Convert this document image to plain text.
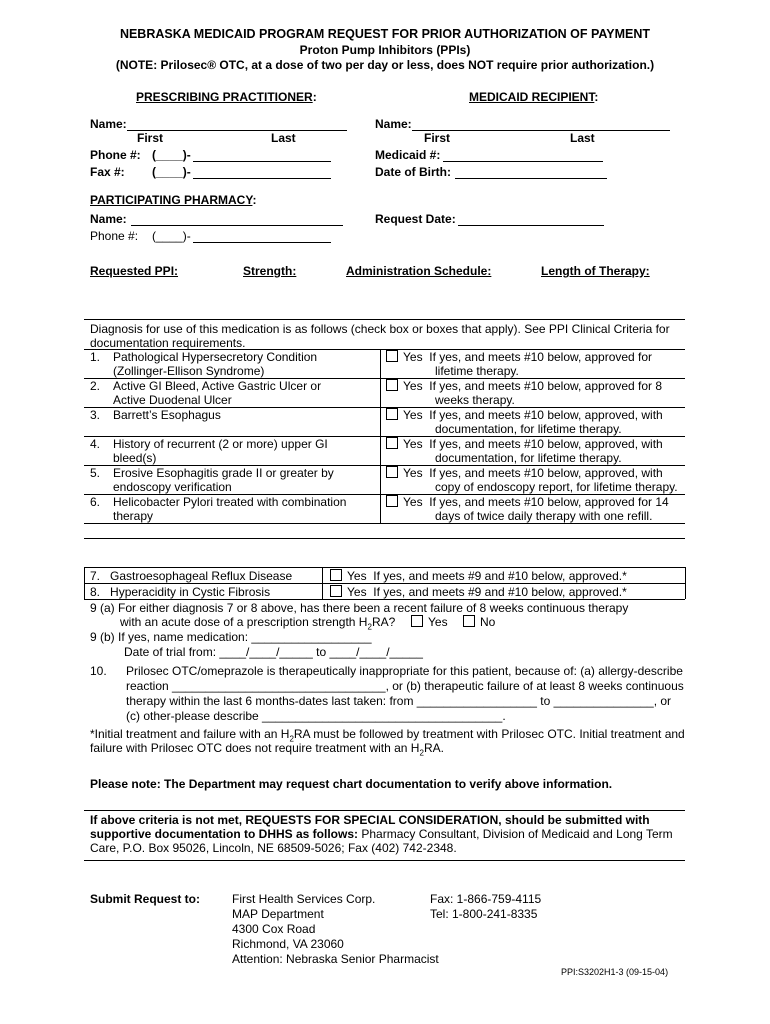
NEBRASKA MEDICAID PROGRAM REQUEST FOR PRIOR AUTHORIZATION OF PAYMENT
Proton Pump Inhibitors (PPIs)
(NOTE: Prilosec® OTC, at a dose of two per day or less, does NOT require prior authorization.)
PRESCRIBING PRACTITIONER:	MEDICAID RECIPIENT:
Name:
First	Last
Phone #: (____)-
Fax #: (____)-
Name:
First	Last
Medicaid #:
Date of Birth:
PARTICIPATING PHARMACY:
Name:
Phone #: (____)-
Request Date:
Requested PPI:	Strength:	Administration Schedule:	Length of Therapy:
Diagnosis for use of this medication is as follows (check box or boxes that apply). See PPI Clinical Criteria for
documentation requirements.
1. Pathological Hypersecretory Condition
(Zollinger-Ellison Syndrome)
Yes If yes, and meets #10 below, approved for
lifetime therapy.
2. Active GI Bleed, Active Gastric Ulcer or
Active Duodenal Ulcer
Yes If yes, and meets #10 below, approved for 8
weeks therapy.
3. Barrett’s Esophagus	Yes If yes, and meets #10 below, approved, with
documentation, for lifetime therapy.
4. History of recurrent (2 or more) upper GI
bleed(s)
Yes If yes, and meets #10 below, approved, with
documentation, for lifetime therapy.
5. Erosive Esophagitis grade II or greater by
endoscopy verification
Yes If yes, and meets #10 below, approved, with
copy of endoscopy report, for lifetime therapy.
6. Helicobacter Pylori treated with combination
therapy
Yes If yes, and meets #10 below, approved for 14
days of twice daily therapy with one refill.
7. Gastroesophageal Reflux Disease	Yes If yes, and meets #9 and #10 below, approved.*
8. Hyperacidity in Cystic Fibrosis	Yes If yes, and meets #9 and #10 below, approved.*
9 (a) For either diagnosis 7 or 8 above, has there been a recent failure of 8 weeks continuous therapy
with an acute dose of a prescription strength $H_2RA$?	Yes	No
9 (b) If yes, name medication: __________________
Date of trial from: ____/____/_____ to ____/____/_____
10. Prilosec OTC/omeprazole is therapeutically inappropriate for this patient, because of: (a) allergy-describe
reaction ________________________________, or (b) therapeutic failure of at least 8 weeks continuous
therapy within the last 6 months-dates last taken: from __________________ to _______________, or
(c) other-please describe ____________________________________.
*Initial treatment and failure with an $H_2RA$ must be followed by treatment with Prilosec OTC. Initial treatment and
failure with Prilosec OTC does not require treatment with an $H_2RA$.
Please note: The Department may request chart documentation to verify above information.
If above criteria is not met, REQUESTS FOR SPECIAL CONSIDERATION, should be submitted with
supportive documentation to DHHS as follows: Pharmacy Consultant, Division of Medicaid and Long Term
Care, P.O. Box 95026, Lincoln, NE 68509-5026; Fax (402) 742-2348.
Submit Request to:	First Health Services Corp.
MAP Department
4300 Cox Road
Richmond, VA 23060
Attention: Nebraska Senior Pharmacist
Fax: 1-866-759-4115
Tel: 1-800-241-8335
PPI:S3202H1-3 (09-15-04)
